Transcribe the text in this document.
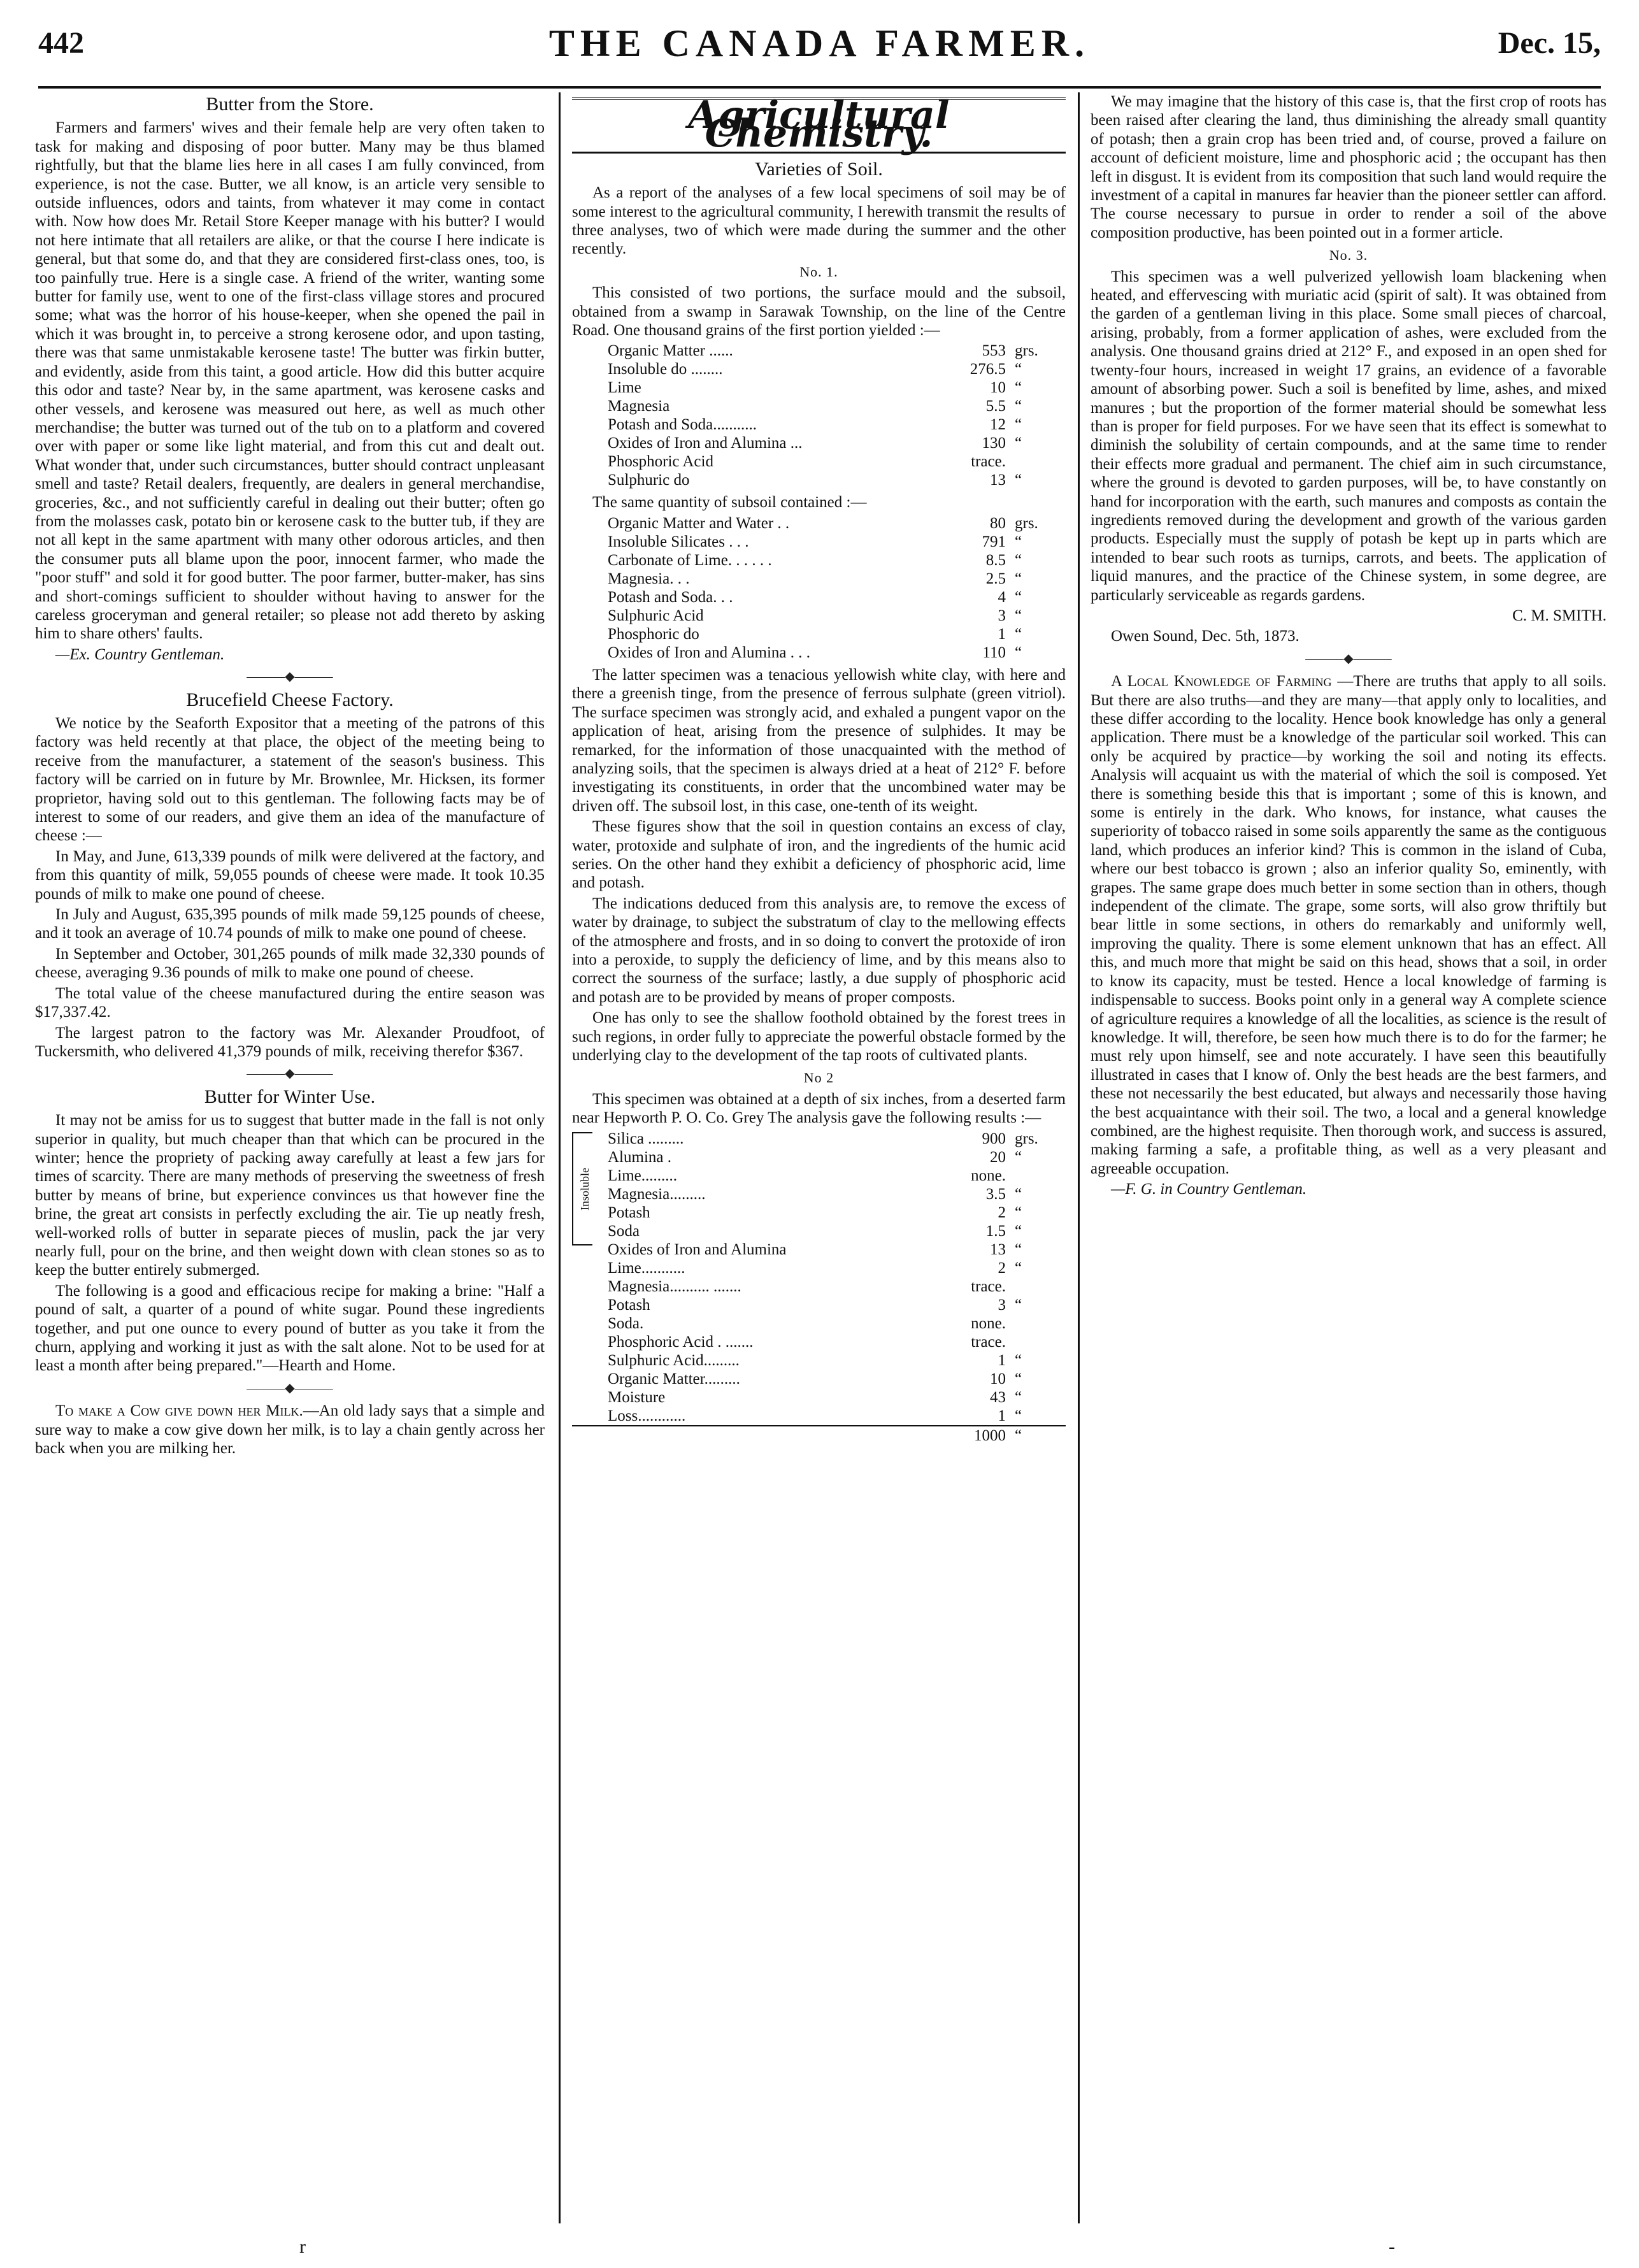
442	THE CANADA FARMER.	Dec. 15,
Butter from the Store.

Farmers and farmers' wives and their female help are very often taken to task for making and disposing of poor butter. Many may be thus blamed rightfully, but that the blame lies here in all cases I am fully convinced, from experience, is not the case. Butter, we all know, is an article very sensible to outside influences, odors and taints, from whatever it may come in contact with. Now how does Mr. Retail Store Keeper manage with his butter? I would not here intimate that all retailers are alike, or that the course I here indicate is general, but that some do, and that they are considered first-class ones, too, is too painfully true. Here is a single case. A friend of the writer, wanting some butter for family use, went to one of the first-class village stores and procured some; what was the horror of his house-keeper, when she opened the pail in which it was brought in, to perceive a strong kerosene odor, and upon tasting, there was that same unmistakable kerosene taste! The butter was firkin butter, and evidently, aside from this taint, a good article. How did this butter acquire this odor and taste? Near by, in the same apartment, was kerosene casks and other vessels, and kerosene was measured out here, as well as much other merchandise; the butter was turned out of the tub on to a platform and covered over with paper or some like light material, and from this cut and dealt out. What wonder that, under such circumstances, butter should contract unpleasant smell and taste? Retail dealers, frequently, are dealers in general merchandise, groceries, &c., and not sufficiently careful in dealing out their butter; often go from the molasses cask, potato bin or kerosene cask to the butter tub, if they are not all kept in the same apartment with many other odorous articles, and then the consumer puts all blame upon the poor, innocent farmer, who made the "poor stuff" and sold it for good butter. The poor farmer, butter-maker, has sins and short-comings sufficient to shoulder without having to answer for the careless groceryman and general retailer; so please not add thereto by asking him to share others' faults.

—Ex. Country Gentleman.
———◆———
Brucefield Cheese Factory.

We notice by the Seaforth Expositor that a meeting of the patrons of this factory was held recently at that place, the object of the meeting being to receive from the manufacturer, a statement of the season's business. This factory will be carried on in future by Mr. Brownlee, Mr. Hicksen, its former proprietor, having sold out to this gentleman. The following facts may be of interest to some of our readers, and give them an idea of the manufacture of cheese :—

In May, and June, 613,339 pounds of milk were delivered at the factory, and from this quantity of milk, 59,055 pounds of cheese were made. It took 10.35 pounds of milk to make one pound of cheese.

In July and August, 635,395 pounds of milk made 59,125 pounds of cheese, and it took an average of 10.74 pounds of milk to make one pound of cheese.

In September and October, 301,265 pounds of milk made 32,330 pounds of cheese, averaging 9.36 pounds of milk to make one pound of cheese.

The total value of the cheese manufactured during the entire season was $17,337.42.

The largest patron to the factory was Mr. Alexander Proudfoot, of Tuckersmith, who delivered 41,379 pounds of milk, receiving therefor $367.

———◆———
Butter for Winter Use.

It may not be amiss for us to suggest that butter made in the fall is not only superior in quality, but much cheaper than that which can be procured in the winter; hence the propriety of packing away carefully at least a few jars for times of scarcity. There are many methods of preserving the sweetness of fresh butter by means of brine, but experience convinces us that however fine the brine, the great art consists in perfectly excluding the air. Tie up neatly fresh, well-worked rolls of butter in separate pieces of muslin, pack the jar very nearly full, pour on the brine, and then weight down with clean stones so as to keep the butter entirely submerged.

The following is a good and efficacious recipe for making a brine: "Half a pound of salt, a quarter of a pound of white sugar. Pound these ingredients together, and put one ounce to every pound of butter as you take it from the churn, applying and working it just as with the salt alone. Not to be used for at least a month after being prepared."—Hearth and Home.

———◆———

To make a Cow give down her Milk.—An old lady says that a simple and sure way to make a cow give down her milk, is to lay a chain gently across her back when you are milking her.

Agricultural Chemistry.
Varieties of Soil.

As a report of the analyses of a few local specimens of soil may be of some interest to the agricultural community, I herewith transmit the results of three analyses, two of which were made during the summer and the other recently.

No. 1.

This consisted of two portions, the surface mould and the subsoil, obtained from a swamp in Sarawak Township, on the line of the Centre Road. One thousand grains of the first portion yielded :—

Organic Matter ......	553	grs.
Insoluble do ........	276.5	“
Lime	10	“
Magnesia	5.5	“
Potash and Soda...........	12	“
Oxides of Iron and Alumina ...	130	“
Phosphoric Acid	trace.	
Sulphuric do	13	“

The same quantity of subsoil contained :—

Organic Matter and Water . .	80	grs.
Insoluble Silicates . . .	791	“
Carbonate of Lime. . . . . .	8.5	“
Magnesia. . .	2.5	“
Potash and Soda. . .	4	“
Sulphuric Acid	3	“
Phosphoric do	1	“
Oxides of Iron and Alumina . . .	110	“

The latter specimen was a tenacious yellowish white clay, with here and there a greenish tinge, from the presence of ferrous sulphate (green vitriol). The surface specimen was strongly acid, and exhaled a pungent vapor on the application of heat, arising from the presence of sulphides. It may be remarked, for the information of those unacquainted with the method of analyzing soils, that the specimen is always dried at a heat of 212° F. before investigating its constituents, in order that the uncombined water may be driven off. The subsoil lost, in this case, one-tenth of its weight.

These figures show that the soil in question contains an excess of clay, water, protoxide and sulphate of iron, and the ingredients of the humic acid series. On the other hand they exhibit a deficiency of phosphoric acid, lime and potash.

The indications deduced from this analysis are, to remove the excess of water by drainage, to subject the substratum of clay to the mellowing effects of the atmosphere and frosts, and in so doing to convert the protoxide of iron into a peroxide, to supply the deficiency of lime, and by this means also to correct the sourness of the surface; lastly, a due supply of phosphoric acid and potash are to be provided by means of proper composts.

One has only to see the shallow foothold obtained by the forest trees in such regions, in order fully to appreciate the powerful obstacle formed by the underlying clay to the development of the tap roots of cultivated plants.

No 2

This specimen was obtained at a depth of six inches, from a deserted farm near Hepworth P. O. Co. Grey The analysis gave the following results :—

Insoluble
Silica .........	900	grs.
Alumina .	20	“
Lime.........	none.	
Magnesia.........	3.5	“
Potash	2	“
Soda	1.5	“
Oxides of Iron and Alumina	13	“
Lime...........	2	“
Magnesia.......... .......	trace.	
Potash	3	“
Soda.	none.	
Phosphoric Acid . .......	trace.	
Sulphuric Acid.........	1	“
Organic Matter.........	10	“
Moisture	43	“
Loss............	1	“
	1000	“

We may imagine that the history of this case is, that the first crop of roots has been raised after clearing the land, thus diminishing the already small quantity of potash; then a grain crop has been tried and, of course, proved a failure on account of deficient moisture, lime and phosphoric acid ; the occupant has then left in disgust. It is evident from its composition that such land would require the investment of a capital in manures far heavier than the pioneer settler can afford. The course necessary to pursue in order to render a soil of the above composition productive, has been pointed out in a former article.

No. 3.

This specimen was a well pulverized yellowish loam blackening when heated, and effervescing with muriatic acid (spirit of salt). It was obtained from the garden of a gentleman living in this place. Some small pieces of charcoal, arising, probably, from a former application of ashes, were excluded from the analysis. One thousand grains dried at 212° F., and exposed in an open shed for twenty-four hours, increased in weight 17 grains, an evidence of a favorable amount of absorbing power. Such a soil is benefited by lime, ashes, and mixed manures ; but the proportion of the former material should be somewhat less than is proper for field purposes. For we have seen that its effect is somewhat to diminish the solubility of certain compounds, and at the same time to render their effects more gradual and permanent. The chief aim in such circumstance, where the ground is devoted to garden purposes, will be, to have constantly on hand for incorporation with the earth, such manures and composts as contain the ingredients removed during the development and growth of the various garden products. Especially must the supply of potash be kept up in parts which are intended to bear such roots as turnips, carrots, and beets. The application of liquid manures, and the practice of the Chinese system, in some degree, are particularly serviceable as regards gardens.

C. M. SMITH.
Owen Sound, Dec. 5th, 1873.
———◆———

A Local Knowledge of Farming —There are truths that apply to all soils. But there are also truths—and they are many—that apply only to localities, and these differ according to the locality. Hence book knowledge has only a general application. There must be a knowledge of the particular soil worked. This can only be acquired by practice—by working the soil and noting its effects. Analysis will acquaint us with the material of which the soil is composed. Yet there is something beside this that is important ; some of this is known, and some is entirely in the dark. Who knows, for instance, what causes the superiority of tobacco raised in some soils apparently the same as the contiguous land, which produces an inferior kind? This is common in the island of Cuba, where our best tobacco is grown ; also an inferior quality So, eminently, with grapes. The same grape does much better in some section than in others, though independent of the climate. The grape, some sorts, will also grow thriftily but bear little in some sections, in others do remarkably and uniformly well, improving the quality. There is some element unknown that has an effect. All this, and much more that might be said on this head, shows that a soil, in order to know its capacity, must be tested. Hence a local knowledge of farming is indispensable to success. Books point only in a general way A complete science of agriculture requires a knowledge of all the localities, as science is the result of knowledge. It will, therefore, be seen how much there is to do for the farmer; he must rely upon himself, see and note accurately. I have seen this beautifully illustrated in cases that I know of. Only the best heads are the best farmers, and these not necessarily the best educated, but always and necessarily those having the best acquaintance with their soil. The two, a local and a general knowledge combined, are the highest requisite. Then thorough work, and success is assured, making farming a safe, a profitable thing, as well as a very pleasant and agreeable occupation.

—F. G. in Country Gentleman.
r	-
